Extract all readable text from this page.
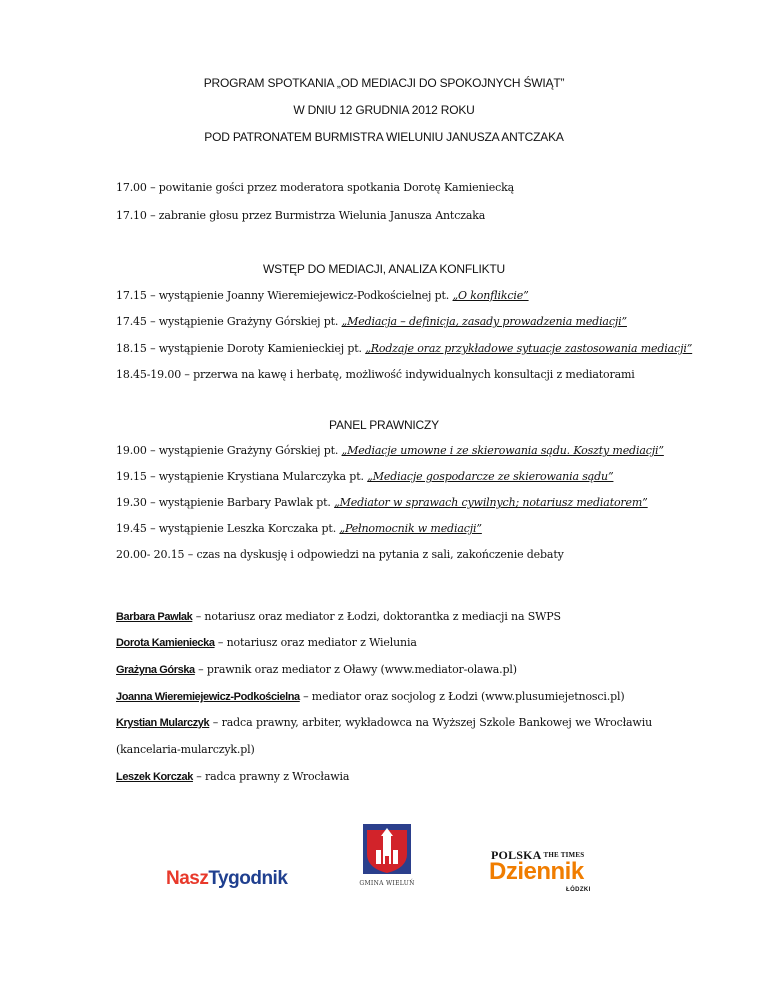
PROGRAM SPOTKANIA „OD MEDIACJI DO SPOKOJNYCH ŚWIĄT”
W DNIU 12 GRUDNIA 2012 ROKU
POD PATRONATEM BURMISTRA WIELUNIU JANUSZA ANTCZAKA
17.00 – powitanie gości przez moderatora spotkania Dorotę Kamieniecką
17.10 – zabranie głosu przez Burmistrza Wielunia Janusza Antczaka
WSTĘP DO MEDIACJI, ANALIZA KONFLIKTU
17.15 – wystąpienie Joanny Wieremiejewicz-Podkościelnej pt. „O konflikcie”
17.45 – wystąpienie Grażyny Górskiej pt. „Mediacja – definicja, zasady prowadzenia mediacji”
18.15 – wystąpienie Doroty Kamienieckiej pt. „Rodzaje oraz przykładowe sytuacje zastosowania mediacji”
18.45-19.00 – przerwa na kawę i herbatę, możliwość indywidualnych konsultacji z mediatorami
PANEL PRAWNICZY
19.00 – wystąpienie Grażyny Górskiej pt. „Mediacje umowne i ze skierowania sądu. Koszty mediacji”
19.15 – wystąpienie Krystiana Mularczyka pt. „Mediacje gospodarcze ze skierowania sądu”
19.30 – wystąpienie Barbary Pawlak pt. „Mediator w sprawach cywilnych; notariusz mediatorem”
19.45 – wystąpienie Leszka Korczaka pt. „Pełnomocnik w mediacji”
20.00- 20.15 – czas na dyskusję i odpowiedzi na pytania z sali, zakończenie debaty
Barbara Pawlak – notariusz oraz mediator z Łodzi, doktorantka z mediacji na SWPS
Dorota Kamieniecka – notariusz oraz mediator z Wielunia
Grażyna Górska – prawnik oraz mediator z Oławy (www.mediator-olawa.pl)
Joanna Wieremiejewicz-Podkościelna – mediator oraz socjolog z Łodzi (www.plusumiejetnosci.pl)
Krystian Mularczyk – radca prawny, arbiter, wykładowca na Wyższej Szkole Bankowej we Wrocławiu
(kancelaria-mularczyk.pl)
Leszek Korczak – radca prawny z Wrocławia
NaszTygodnik	GMINA WIELUŃ
POLSKA THE TIMES
Dziennik
ŁÓDZKI
